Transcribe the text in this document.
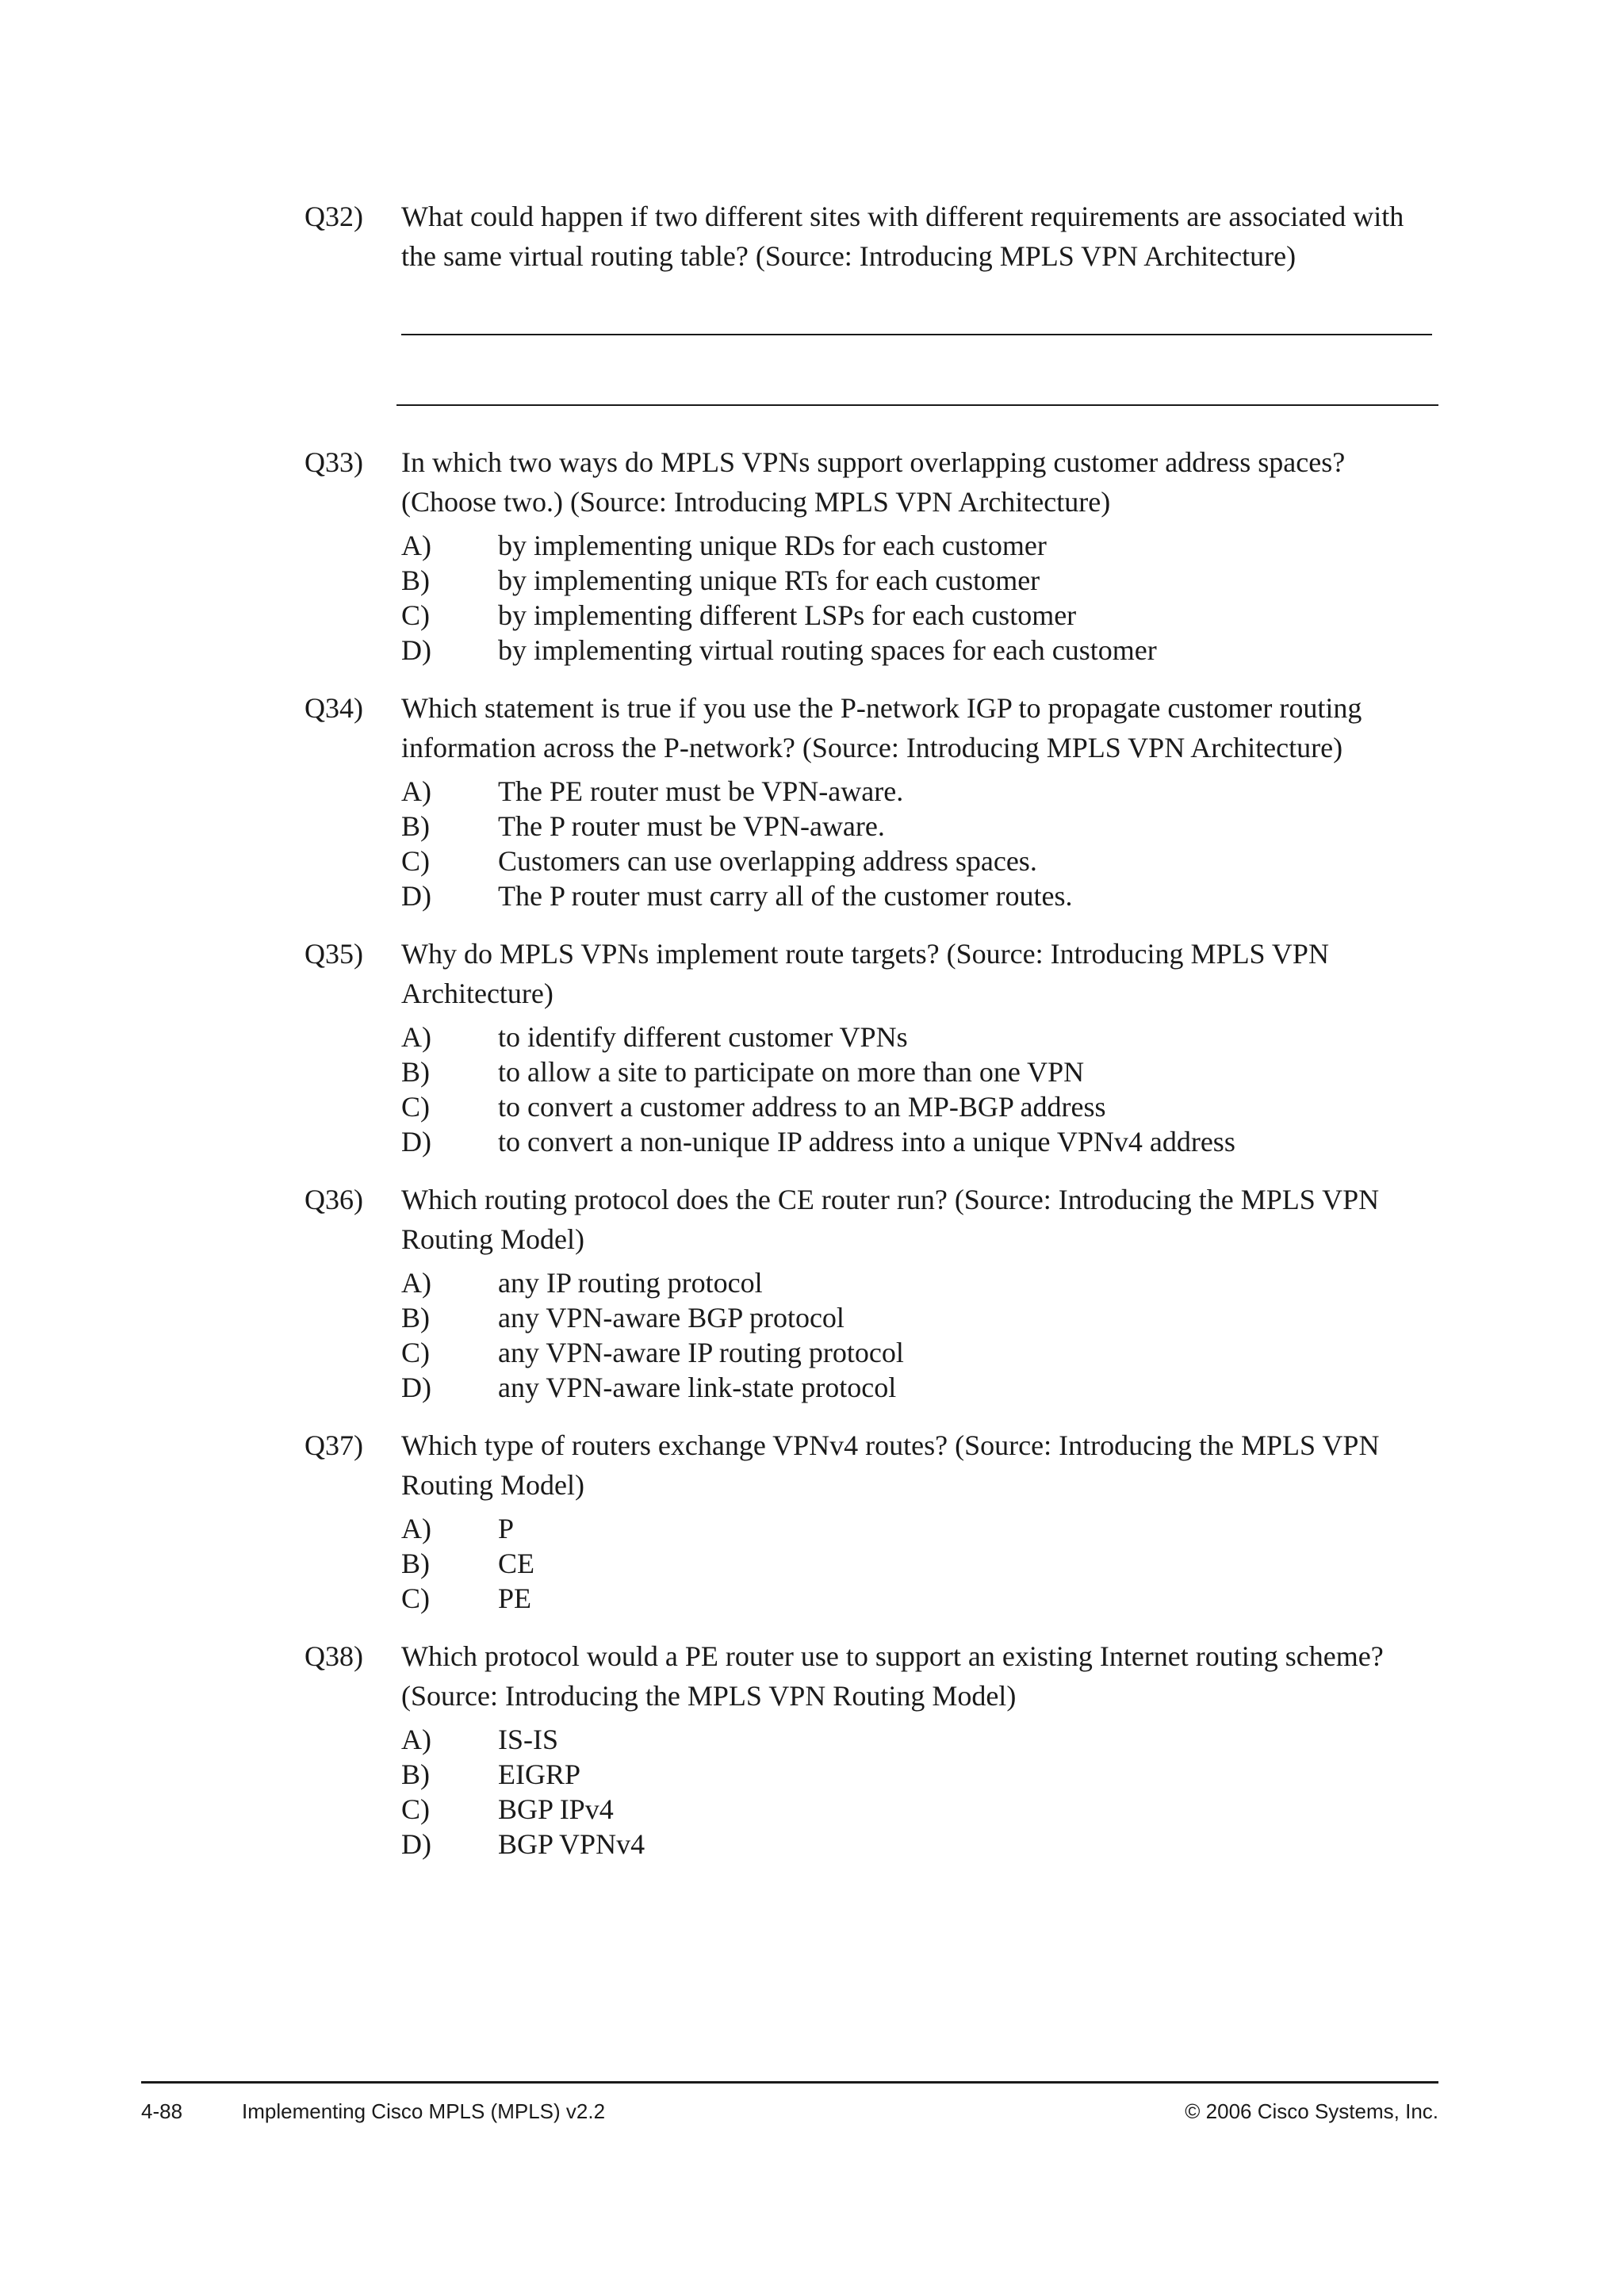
Q32)	What could happen if two different sites with different requirements are associated with the same virtual routing table? (Source: Introducing MPLS VPN Architecture)
Q33)	In which two ways do MPLS VPNs support overlapping customer address spaces? (Choose two.) (Source: Introducing MPLS VPN Architecture)
A)	by implementing unique RDs for each customer
B)	by implementing unique RTs for each customer
C)	by implementing different LSPs for each customer
D)	by implementing virtual routing spaces for each customer
Q34)	Which statement is true if you use the P-network IGP to propagate customer routing information across the P-network? (Source: Introducing MPLS VPN Architecture)
A)	The PE router must be VPN-aware.
B)	The P router must be VPN-aware.
C)	Customers can use overlapping address spaces.
D)	The P router must carry all of the customer routes.
Q35)	Why do MPLS VPNs implement route targets? (Source: Introducing MPLS VPN Architecture)
A)	to identify different customer VPNs
B)	to allow a site to participate on more than one VPN
C)	to convert a customer address to an MP-BGP address
D)	to convert a non-unique IP address into a unique VPNv4 address
Q36)	Which routing protocol does the CE router run? (Source: Introducing the MPLS VPN Routing Model)
A)	any IP routing protocol
B)	any VPN-aware BGP protocol
C)	any VPN-aware IP routing protocol
D)	any VPN-aware link-state protocol
Q37)	Which type of routers exchange VPNv4 routes? (Source: Introducing the MPLS VPN Routing Model)
A)	P
B)	CE
C)	PE
Q38)	Which protocol would a PE router use to support an existing Internet routing scheme? (Source: Introducing the MPLS VPN Routing Model)
A)	IS-IS
B)	EIGRP
C)	BGP IPv4
D)	BGP VPNv4
4-88	Implementing Cisco MPLS (MPLS) v2.2	© 2006 Cisco Systems, Inc.
